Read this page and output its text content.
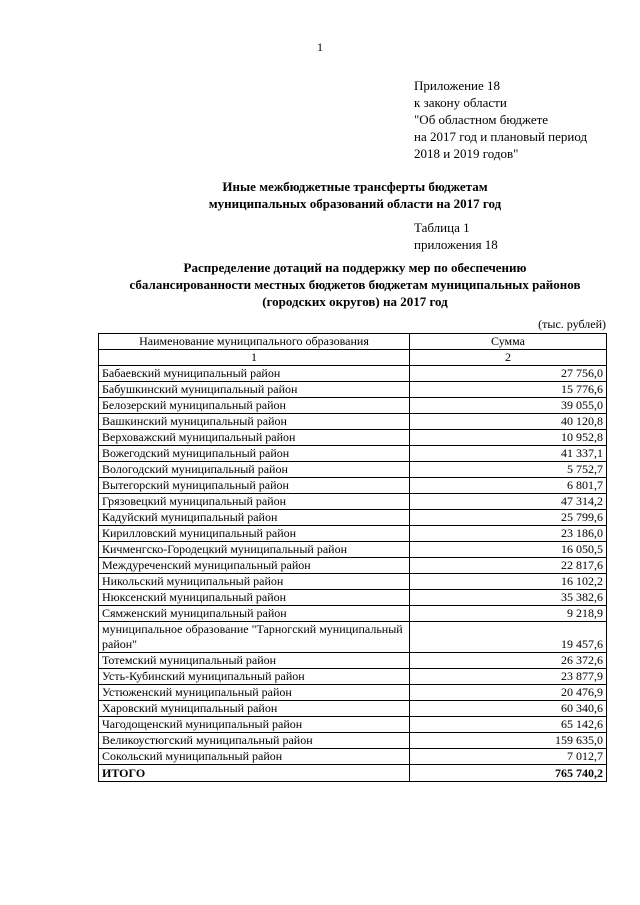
1
Приложение 18
к закону области
"Об областном бюджете
на 2017 год и плановый период
2018 и 2019 годов"
Иные межбюджетные трансферты бюджетам
муниципальных образований области на 2017 год
Таблица 1
приложения 18
Распределение дотаций на поддержку мер по обеспечению
сбалансированности местных бюджетов бюджетам муниципальных районов
(городских округов) на 2017 год
(тыс. рублей)
Наименование муниципального образования	Сумма
1	2
Бабаевский муниципальный район	27 756,0
Бабушкинский муниципальный район	15 776,6
Белозерский муниципальный район	39 055,0
Вашкинский муниципальный район	40 120,8
Верховажский муниципальный район	10 952,8
Вожегодский муниципальный район	41 337,1
Вологодский муниципальный район	5 752,7
Вытегорский муниципальный район	6 801,7
Грязовецкий муниципальный район	47 314,2
Кадуйский муниципальный район	25 799,6
Кирилловский муниципальный район	23 186,0
Кичменгско-Городецкий муниципальный район	16 050,5
Междуреченский муниципальный район	22 817,6
Никольский муниципальный район	16 102,2
Нюксенский муниципальный район	35 382,6
Сямженский муниципальный район	9 218,9
муниципальное образование "Тарногский муниципальный район"	19 457,6
Тотемский муниципальный район	26 372,6
Усть-Кубинский муниципальный район	23 877,9
Устюженский муниципальный район	20 476,9
Харовский муниципальный район	60 340,6
Чагодощенский муниципальный район	65 142,6
Великоустюгский муниципальный район	159 635,0
Сокольский муниципальный район	7 012,7
ИТОГО	765 740,2
